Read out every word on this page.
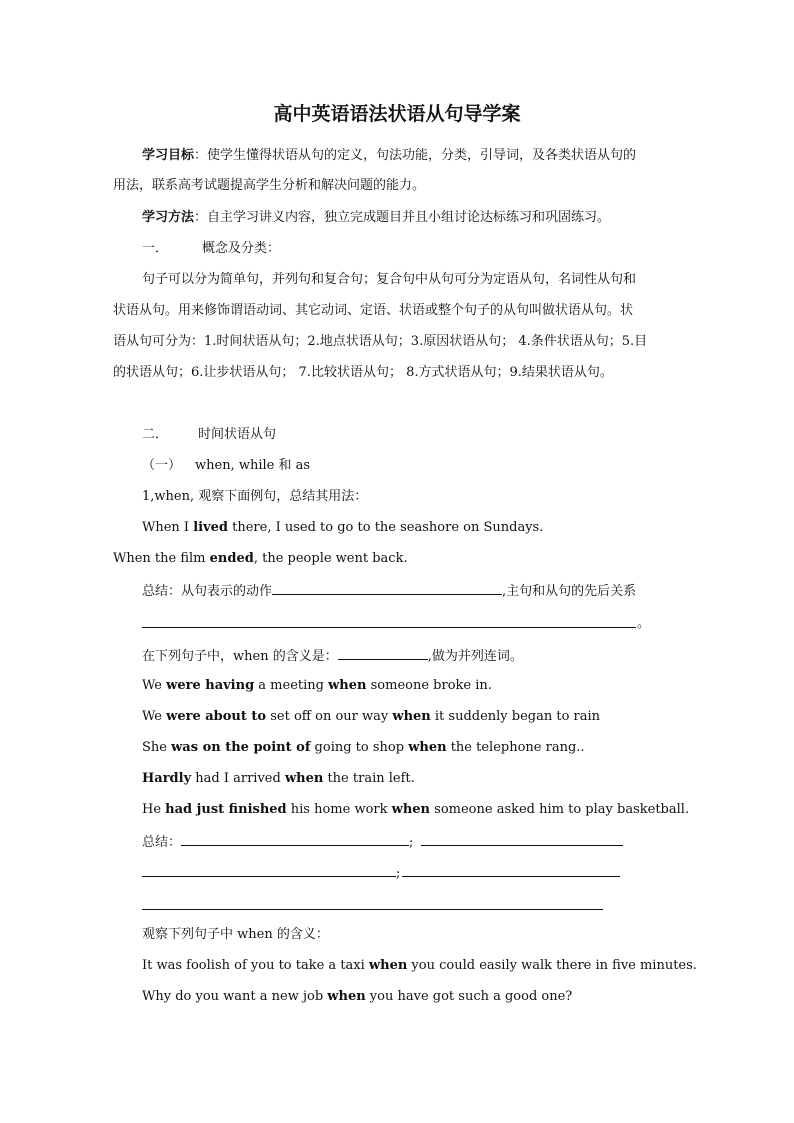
高中英语语法状语从句导学案
学习目标：使学生懂得状语从句的定义，句法功能，分类，引导词，及各类状语从句的
用法，联系高考试题提高学生分析和解决问题的能力。
学习方法：自主学习讲义内容，独立完成题目并且小组讨论达标练习和巩固练习。
一．	概念及分类：
句子可以分为简单句，并列句和复合句；复合句中从句可分为定语从句，名词性从句和
状语从句。用来修饰谓语动词、其它动词、定语、状语或整个句子的从句叫做状语从句。状
语从句可分为：1.时间状语从句；2.地点状语从句；3.原因状语从句； 4.条件状语从句；5.目
的状语从句；6.让步状语从句； 7.比较状语从句； 8.方式状语从句；9.结果状语从句。
二． 时间状语从句
（一） when, while 和 as
1,when, 观察下面例句，总结其用法：
When I lived there, I used to go to the seashore on Sundays.
When the film ended, the people went back.
总结：从句表示的动作	,主句和从句的先后关系
。
在下列句子中，when 的含义是：	,做为并列连词。
We were having a meeting when someone broke in.
We were about to set off on our way when it suddenly began to rain
She was on the point of going to shop when the telephone rang..
Hardly had I arrived when the train left.
He had just finished his home work when someone asked him to play basketball.
总结：	;
;
观察下列句子中 when 的含义：
It was foolish of you to take a taxi when you could easily walk there in five minutes.
Why do you want a new job when you have got such a good one?
